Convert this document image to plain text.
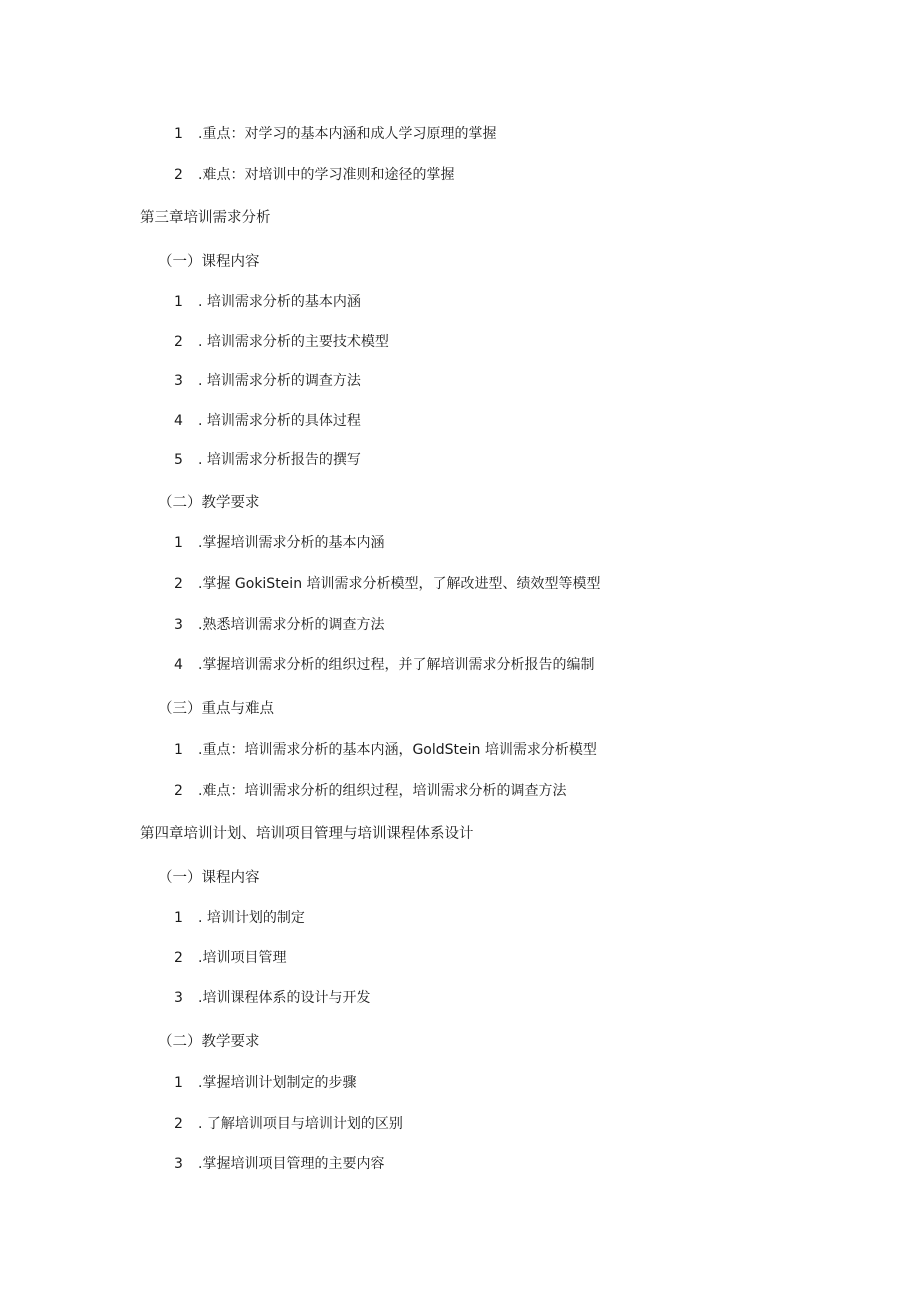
1 .重点：对学习的基本内涵和成人学习原理的掌握
2 .难点：对培训中的学习准则和途径的掌握
第三章培训需求分析
（一）课程内容
1 . 培训需求分析的基本内涵
2 . 培训需求分析的主要技术模型
3 . 培训需求分析的调查方法
4 . 培训需求分析的具体过程
5 . 培训需求分析报告的撰写
（二）教学要求
1 .掌握培训需求分析的基本内涵
2 .掌握 GokiStein 培训需求分析模型，了解改进型、绩效型等模型
3 .熟悉培训需求分析的调查方法
4 .掌握培训需求分析的组织过程，并了解培训需求分析报告的编制
（三）重点与难点
1 .重点：培训需求分析的基本内涵，GoldStein 培训需求分析模型
2 .难点：培训需求分析的组织过程，培训需求分析的调查方法
第四章培训计划、培训项目管理与培训课程体系设计
（一）课程内容
1 . 培训计划的制定
2 .培训项目管理
3 .培训课程体系的设计与开发
（二）教学要求
1 .掌握培训计划制定的步骤
2 . 了解培训项目与培训计划的区别
3 .掌握培训项目管理的主要内容
